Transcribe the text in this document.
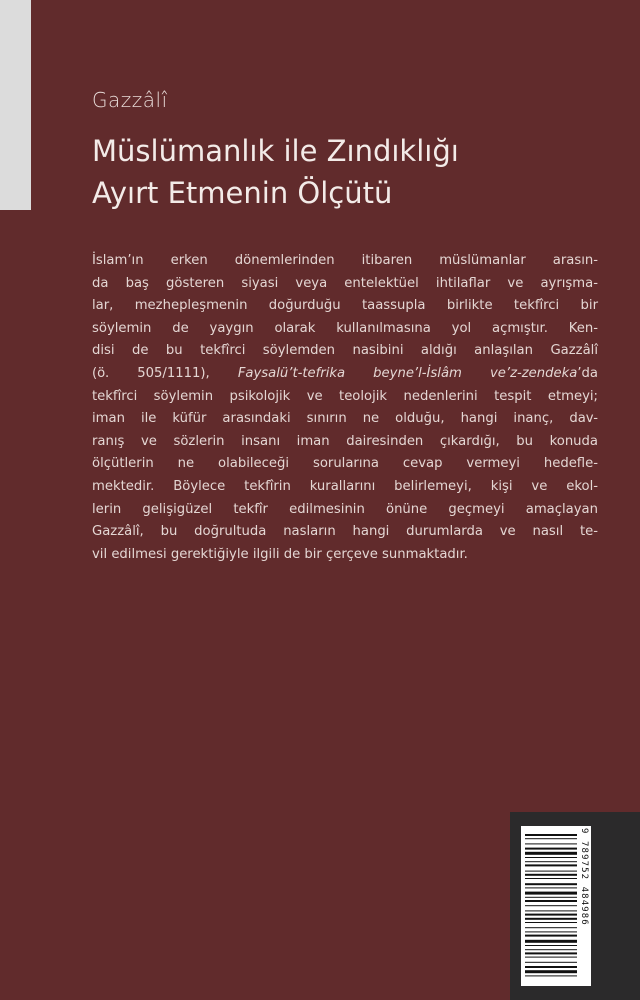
Gazzâlî
Müslümanlık ile Zındıklığı
Ayırt Etmenin Ölçütü
İslam’ın erken dönemlerinden itibaren müslümanlar arasın-
da baş gösteren siyasi veya entelektüel ihtilaflar ve ayrışma-
lar, mezhepleşmenin doğurduğu taassupla birlikte tekfîrci bir
söylemin de yaygın olarak kullanılmasına yol açmıştır. Ken-
disi de bu tekfîrci söylemden nasibini aldığı anlaşılan Gazzâlî
(ö. 505/1111), Faysalü’t-tefrika beyne’l-İslâm ve’z-zendeka’da
tekfîrci söylemin psikolojik ve teolojik nedenlerini tespit etmeyi;
iman ile küfür arasındaki sınırın ne olduğu, hangi inanç, dav-
ranış ve sözlerin insanı iman dairesinden çıkardığı, bu konuda
ölçütlerin ne olabileceği sorularına cevap vermeyi hedefle-
mektedir. Böylece tekfîrin kurallarını belirlemeyi, kişi ve ekol-
lerin gelişigüzel tekfîr edilmesinin önüne geçmeyi amaçlayan
Gazzâlî, bu doğrultuda nasların hangi durumlarda ve nasıl te-
vil edilmesi gerektiğiyle ilgili de bir çerçeve sunmaktadır.
9 789752 484986
